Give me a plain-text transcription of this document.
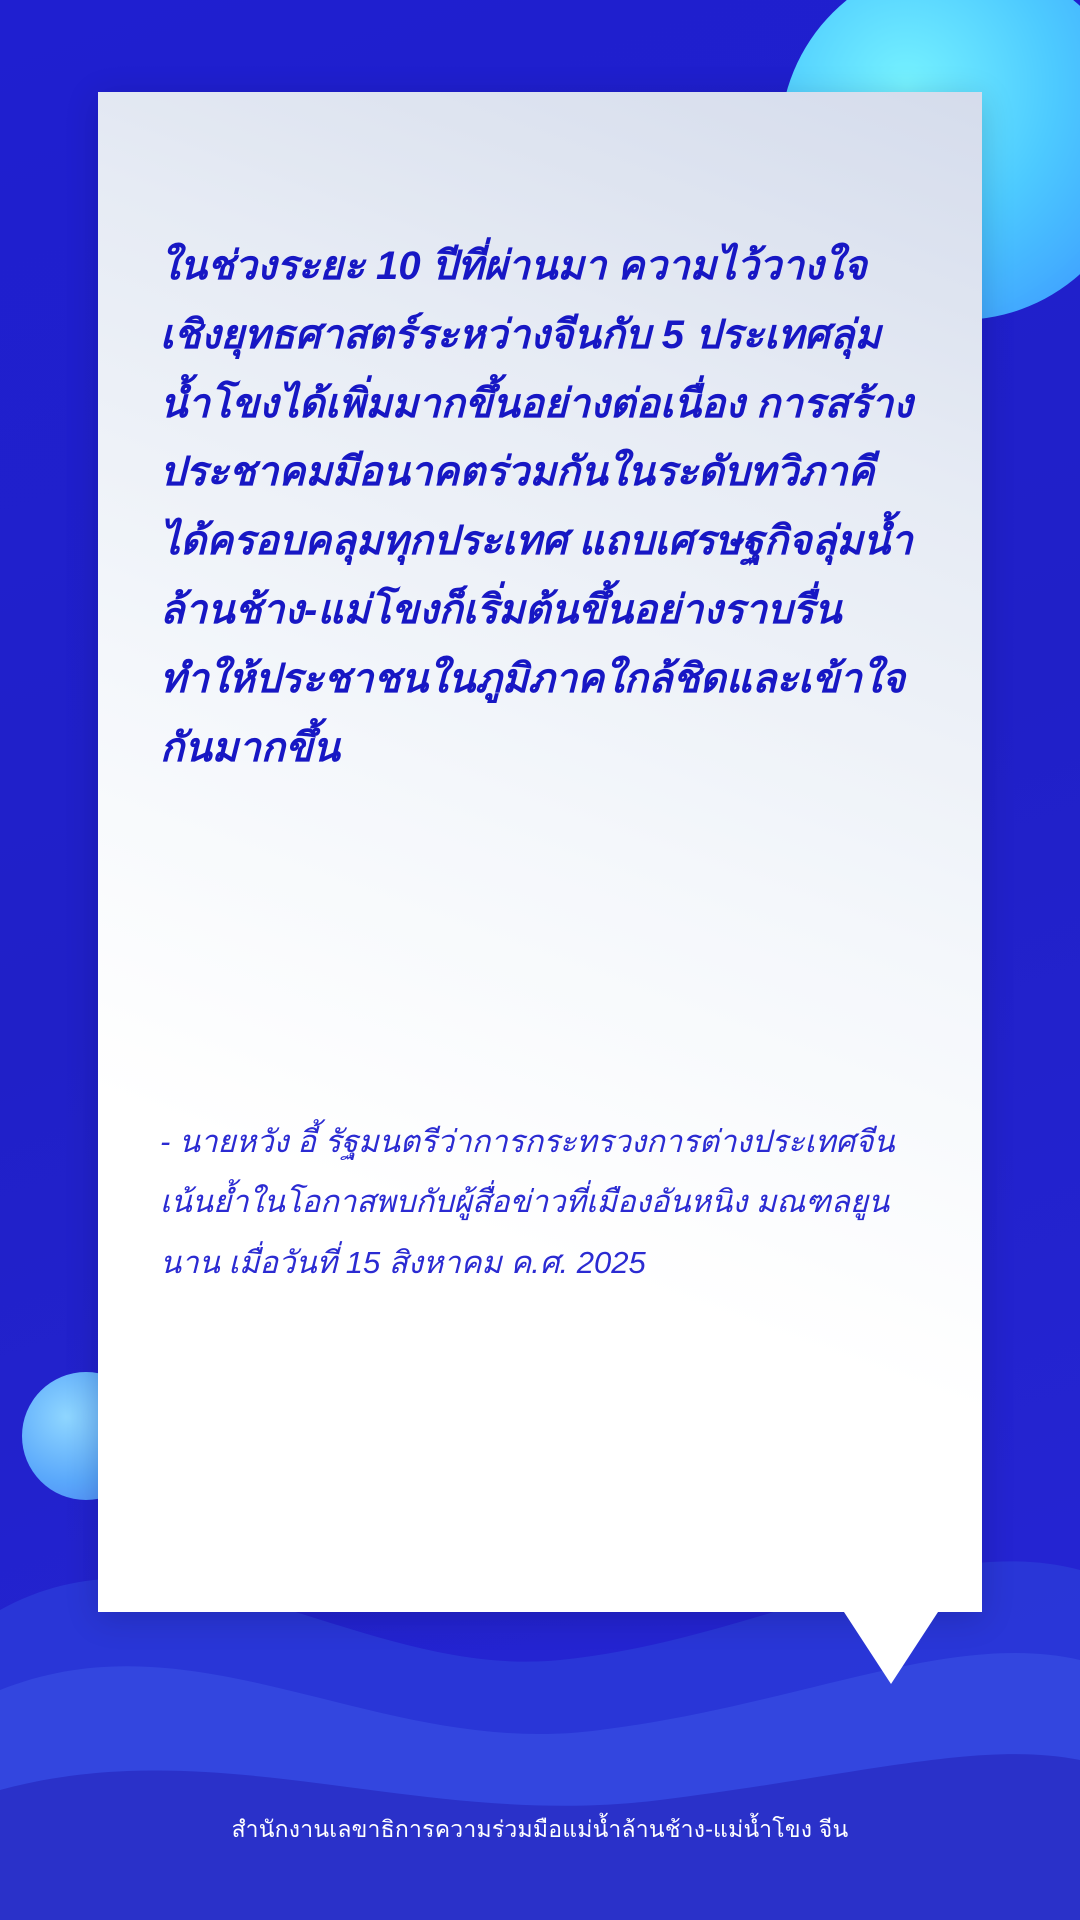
ในช่วงระยะ 10 ปีที่ผ่านมา ความไว้วางใจเชิงยุทธศาสตร์ระหว่างจีนกับ 5 ประเทศลุ่มน้ำโขงได้เพิ่มมากขึ้นอย่างต่อเนื่อง การสร้างประชาคมมีอนาคตร่วมกันในระดับทวิภาคีได้ครอบคลุมทุกประเทศ แถบเศรษฐกิจลุ่มน้ำล้านช้าง-แม่โขงก็เริ่มต้นขึ้นอย่างราบรื่น ทำให้ประชาชนในภูมิภาคใกล้ชิดและเข้าใจกันมากขึ้น

- นายหวัง อี้ รัฐมนตรีว่าการกระทรวงการต่างประเทศจีน เน้นย้ำในโอกาสพบกับผู้สื่อข่าวที่เมืองอันหนิง มณฑลยูนนาน เมื่อวันที่ 15 สิงหาคม ค.ศ. 2025

สำนักงานเลขาธิการความร่วมมือแม่น้ำล้านช้าง-แม่น้ำโขง จีน
